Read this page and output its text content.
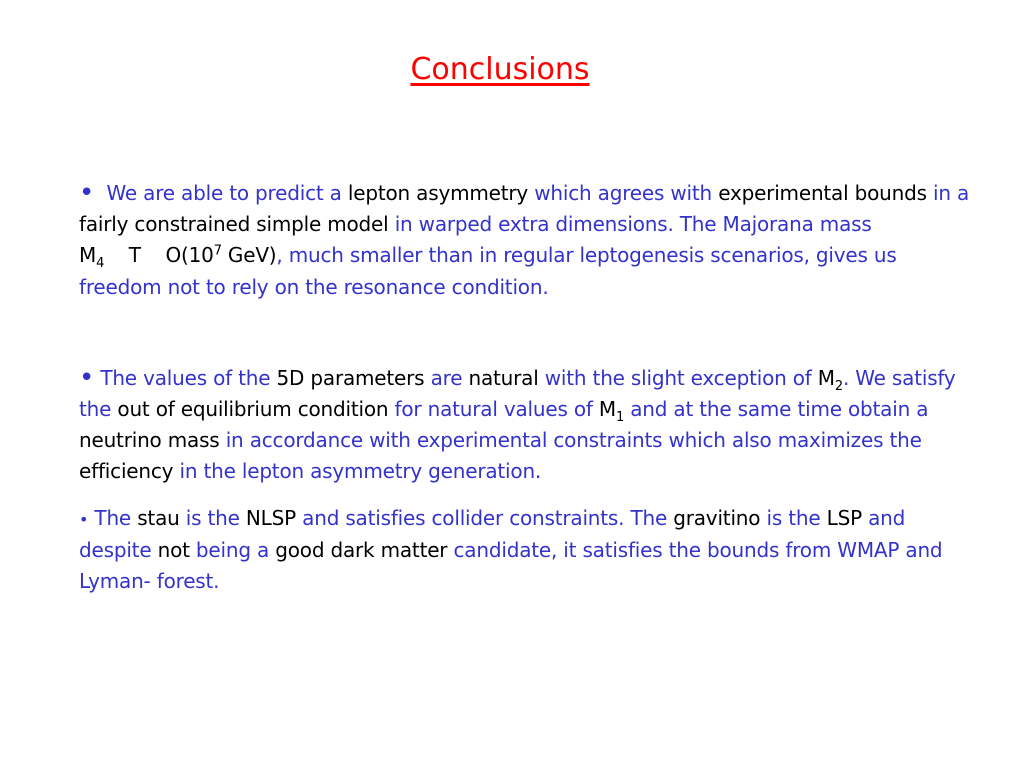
Conclusions
• We are able to predict a lepton asymmetry which agrees with experimental bounds in a fairly constrained simple model in warped extra dimensions. The Majorana mass $M_4$ T $O(10^7$ GeV), much smaller than in regular leptogenesis scenarios, gives us freedom not to rely on the resonance condition.
• The values of the 5D parameters are natural with the slight exception of $M_2$. We satisfy the out of equilibrium condition for natural values of $M_1$ and at the same time obtain a neutrino mass in accordance with experimental constraints which also maximizes the efficiency in the lepton asymmetry generation.
• The stau is the NLSP and satisfies collider constraints. The gravitino is the LSP and despite not being a good dark matter candidate, it satisfies the bounds from WMAP and Lyman- forest.
